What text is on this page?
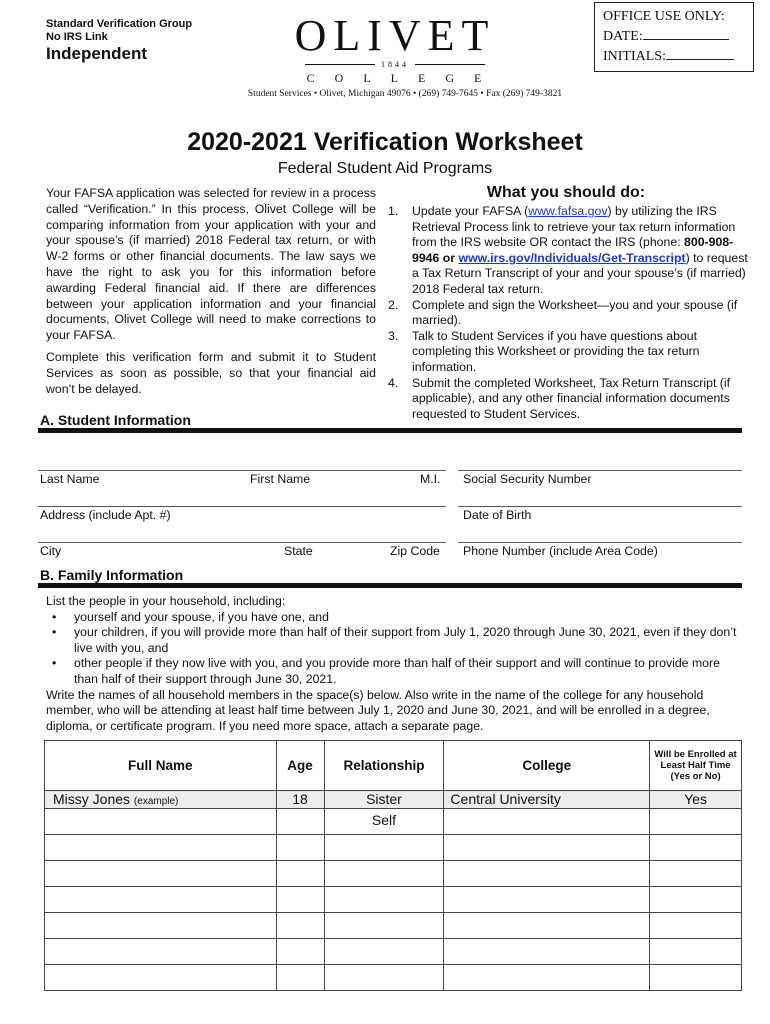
Standard Verification Group
No IRS Link
Independent	OLIVET
1844
COLLEGE
Student Services • Olivet, Michigan 49076 • (269) 749-7645 • Fax (269) 749-3821
OFFICE USE ONLY:
DATE:
INITIALS:
2020-2021 Verification Worksheet
Federal Student Aid Programs

Your FAFSA application was selected for review in a process called “Verification.” In this process, Olivet College will be comparing information from your application with your and your spouse’s (if married) 2018 Federal tax return, or with W-2 forms or other financial documents. The law says we have the right to ask you for this information before awarding Federal financial aid. If there are differences between your application information and your financial documents, Olivet College will need to make corrections to your FAFSA.

Complete this verification form and submit it to Student Services as soon as possible, so that your financial aid won’t be delayed.

What you should do:
1.	Update your FAFSA (www.fafsa.gov) by utilizing the IRS Retrieval Process link to retrieve your tax return information from the IRS website OR contact the IRS (phone: 800-908-9946 or www.irs.gov/Individuals/Get-Transcript) to request a Tax Return Transcript of your and your spouse’s (if married) 2018 Federal tax return.
2.	Complete and sign the Worksheet—you and your spouse (if married).
3.	Talk to Student Services if you have questions about completing this Worksheet or providing the tax return information.
4.	Submit the completed Worksheet, Tax Return Transcript (if applicable), and any other financial information documents requested to Student Services.
A. Student Information
Last Name	First Name	M.I. Social Security Number
Address (include Apt. #)	Date of Birth
City	State	Zip Code Phone Number (include Area Code)
B. Family Information
List the people in your household, including:
•	yourself and your spouse, if you have one, and
•	your children, if you will provide more than half of their support from July 1, 2020 through June 30, 2021, even if they don’t live with you, and
•	other people if they now live with you, and you provide more than half of their support and will continue to provide more than half of their support through June 30, 2021.
Write the names of all household members in the space(s) below. Also write in the name of the college for any household member, who will be attending at least half time between July 1, 2020 and June 30, 2021, and will be enrolled in a degree, diploma, or certificate program. If you need more space, attach a separate page.
Full Name	Age	Relationship	College	Will be Enrolled at Least Half Time (Yes or No)
Missy Jones (example)	18	Sister	Central University	Yes
		Self		
